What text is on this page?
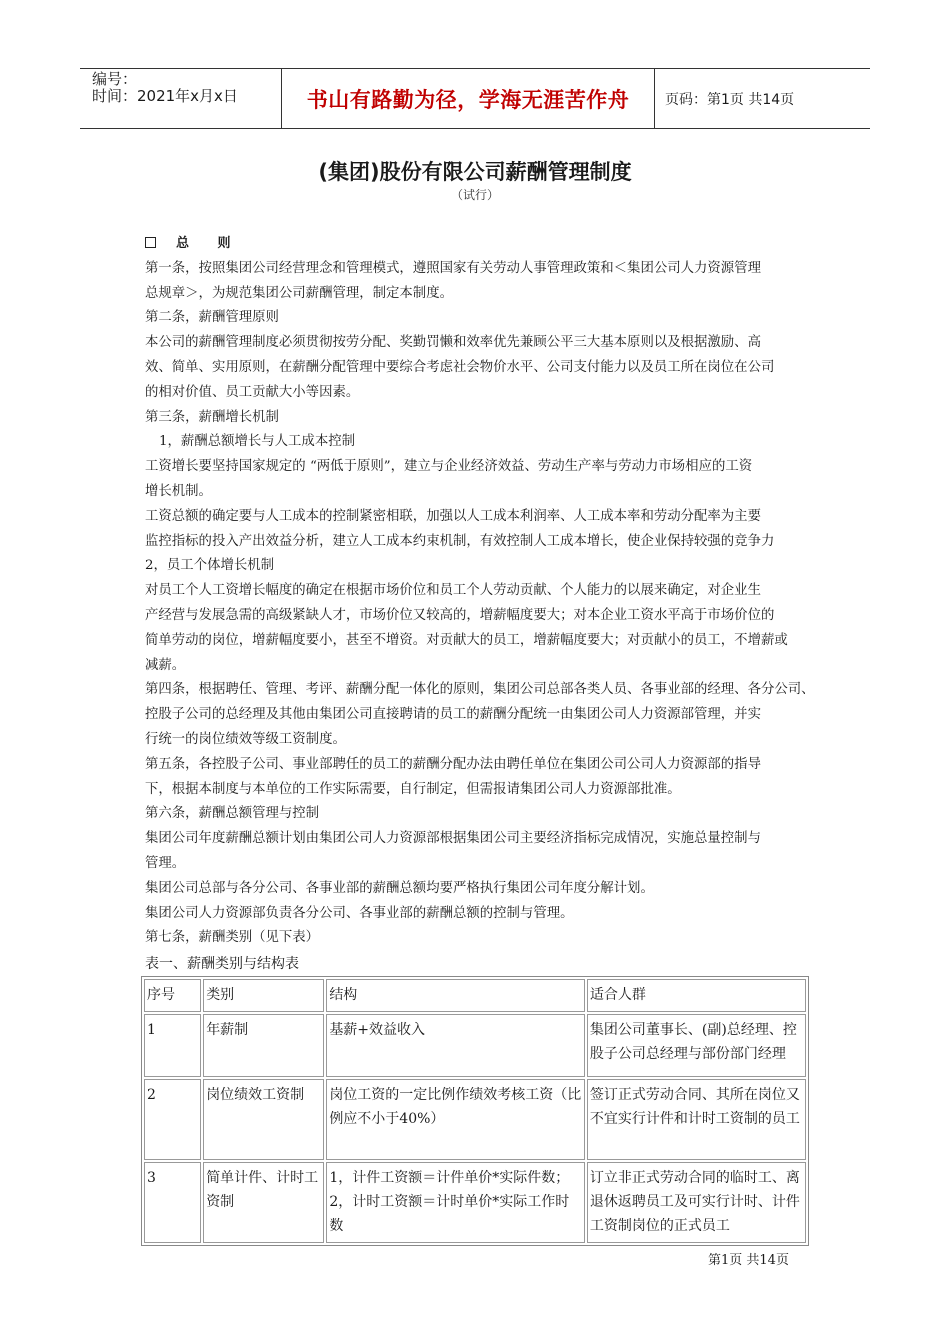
编号：
时间：2021年x月x日	书山有路勤为径，学海无涯苦作舟	页码：第1页 共14页
(集团)股份有限公司薪酬管理制度
（试行）

总 则

第一条，按照集团公司经营理念和管理模式，遵照国家有关劳动人事管理政策和＜集团公司人力资源管理

总规章＞，为规范集团公司薪酬管理，制定本制度。

第二条，薪酬管理原则

本公司的薪酬管理制度必须贯彻按劳分配、奖勤罚懒和效率优先兼顾公平三大基本原则以及根据激励、高

效、简单、实用原则，在薪酬分配管理中要综合考虑社会物价水平、公司支付能力以及员工所在岗位在公司

的相对价值、员工贡献大小等因素。

第三条，薪酬增长机制

1，薪酬总额增长与人工成本控制

工资增长要坚持国家规定的 “两低于原则”，建立与企业经济效益、劳动生产率与劳动力市场相应的工资

增长机制。

工资总额的确定要与人工成本的控制紧密相联，加强以人工成本利润率、人工成本率和劳动分配率为主要

监控指标的投入产出效益分析，建立人工成本约束机制，有效控制人工成本增长，使企业保持较强的竞争力

2，员工个体增长机制

对员工个人工资增长幅度的确定在根据市场价位和员工个人劳动贡献、个人能力的以展来确定，对企业生

产经营与发展急需的高级紧缺人才，市场价位又较高的，增薪幅度要大；对本企业工资水平高于市场价位的

简单劳动的岗位，增薪幅度要小，甚至不增资。对贡献大的员工，增薪幅度要大；对贡献小的员工，不增薪或

减薪。

第四条，根据聘任、管理、考评、薪酬分配一体化的原则，集团公司总部各类人员、各事业部的经理、各分公司、

控股子公司的总经理及其他由集团公司直接聘请的员工的薪酬分配统一由集团公司人力资源部管理，并实

行统一的岗位绩效等级工资制度。

第五条，各控股子公司、事业部聘任的员工的薪酬分配办法由聘任单位在集团公司公司人力资源部的指导

下，根据本制度与本单位的工作实际需要，自行制定，但需报请集团公司人力资源部批准。

第六条，薪酬总额管理与控制

集团公司年度薪酬总额计划由集团公司人力资源部根据集团公司主要经济指标完成情况，实施总量控制与

管理。

集团公司总部与各分公司、各事业部的薪酬总额均要严格执行集团公司年度分解计划。

集团公司人力资源部负责各分公司、各事业部的薪酬总额的控制与管理。

第七条，薪酬类别（见下表）

表一、薪酬类别与结构表
序号	类别	结构	适合人群
1	年薪制	基薪+效益收入	集团公司董事长、(副)总经理、控股子公司总经理与部份部门经理
2	岗位绩效工资制	岗位工资的一定比例作绩效考核工资（比例应不小于40%）	签订正式劳动合同、其所在岗位又不宜实行计件和计时工资制的员工
3	简单计件、计时工资制	1，计件工资额＝计件单价*实际件数；2，计时工资额＝计时单价*实际工作时数	订立非正式劳动合同的临时工、离退休返聘员工及可实行计时、计件工资制岗位的正式员工
第1页 共14页
